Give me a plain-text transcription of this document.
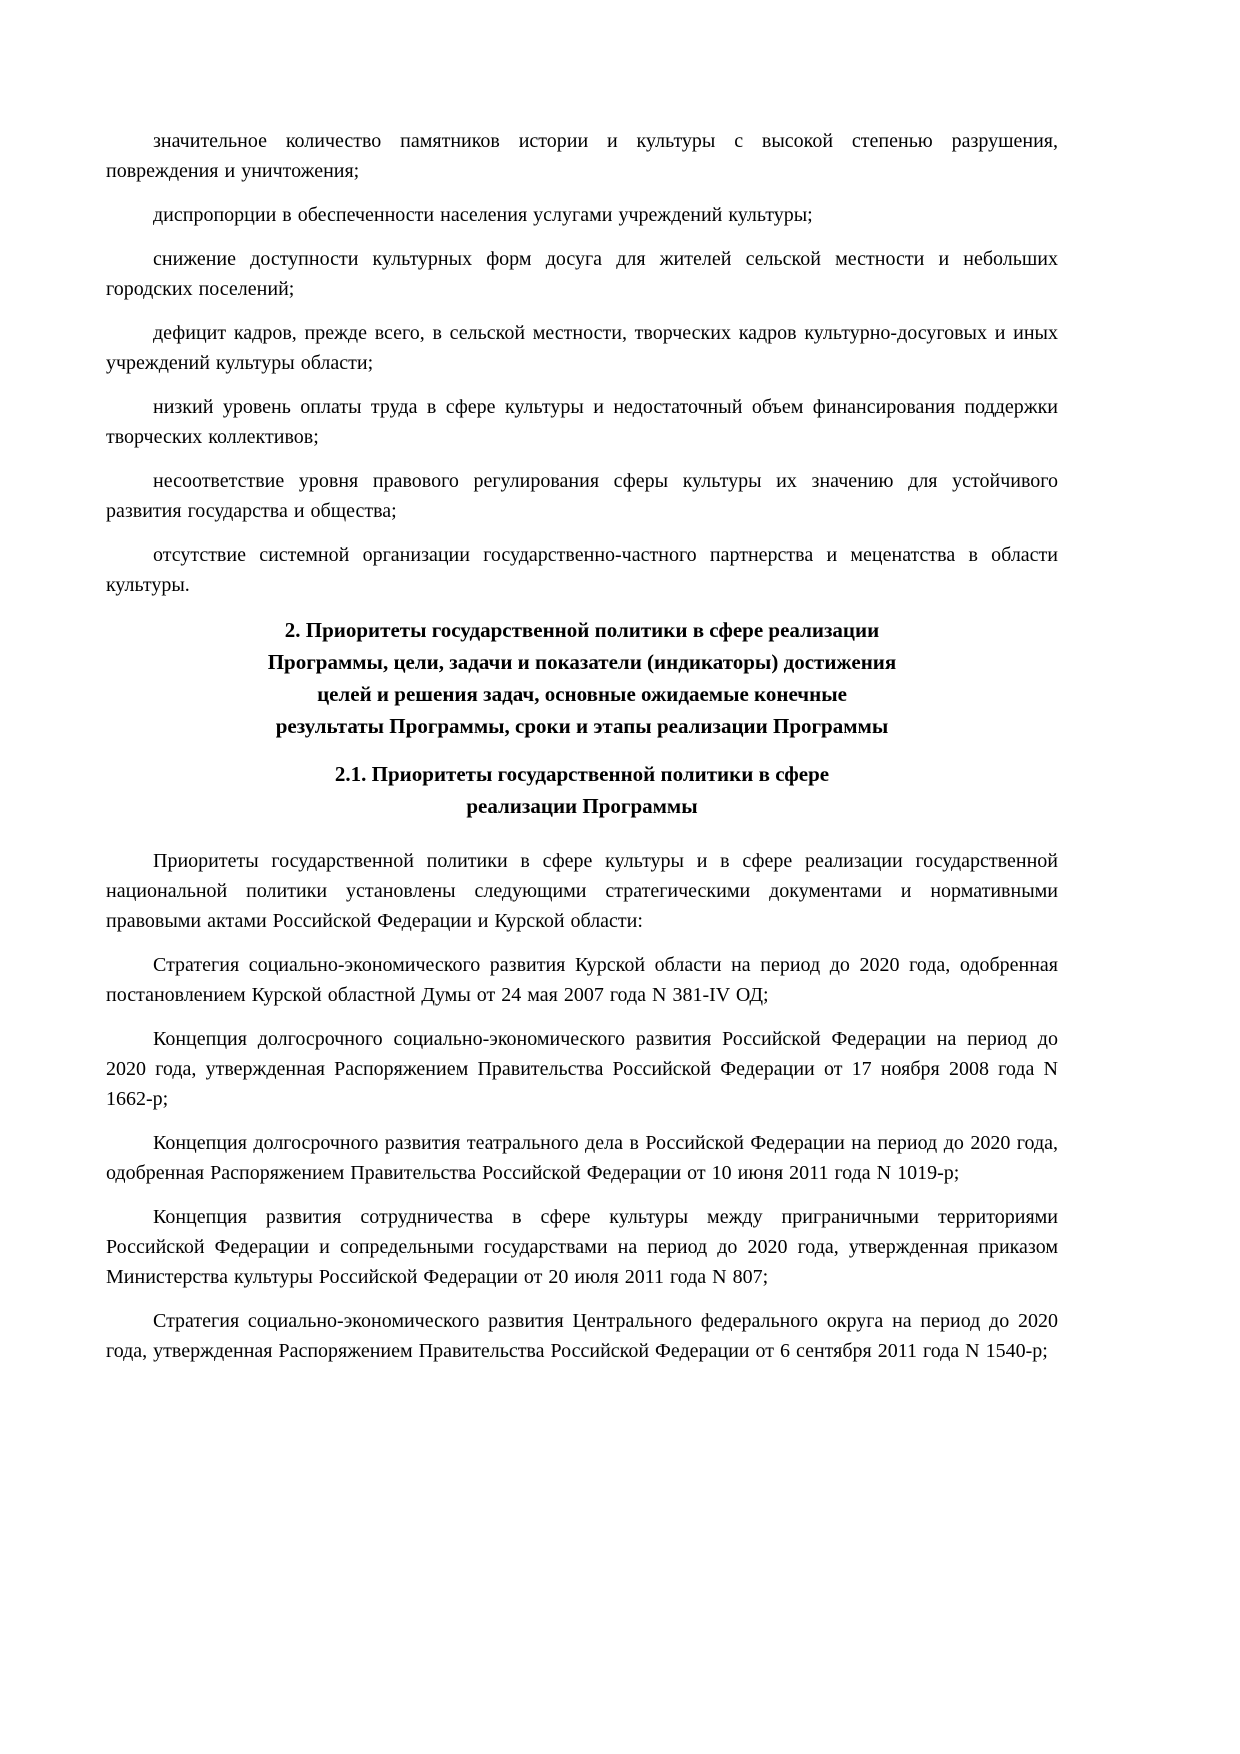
значительное количество памятников истории и культуры с высокой степенью разрушения, повреждения и уничтожения;

диспропорции в обеспеченности населения услугами учреждений культуры;

снижение доступности культурных форм досуга для жителей сельской местности и небольших городских поселений;

дефицит кадров, прежде всего, в сельской местности, творческих кадров культурно-досуговых и иных учреждений культуры области;

низкий уровень оплаты труда в сфере культуры и недостаточный объем финансирования поддержки творческих коллективов;

несоответствие уровня правового регулирования сферы культуры их значению для устойчивого развития государства и общества;

отсутствие системной организации государственно-частного партнерства и меценатства в области культуры.

2. Приоритеты государственной политики в сфере реализации
Программы, цели, задачи и показатели (индикаторы) достижения
целей и решения задач, основные ожидаемые конечные
результаты Программы, сроки и этапы реализации Программы
2.1. Приоритеты государственной политики в сфере
реализации Программы

Приоритеты государственной политики в сфере культуры и в сфере реализации государственной национальной политики установлены следующими стратегическими документами и нормативными правовыми актами Российской Федерации и Курской области:

Стратегия социально-экономического развития Курской области на период до 2020 года, одобренная постановлением Курской областной Думы от 24 мая 2007 года N 381-IV ОД;

Концепция долгосрочного социально-экономического развития Российской Федерации на период до 2020 года, утвержденная Распоряжением Правительства Российской Федерации от 17 ноября 2008 года N 1662-р;

Концепция долгосрочного развития театрального дела в Российской Федерации на период до 2020 года, одобренная Распоряжением Правительства Российской Федерации от 10 июня 2011 года N 1019-р;

Концепция развития сотрудничества в сфере культуры между приграничными территориями Российской Федерации и сопредельными государствами на период до 2020 года, утвержденная приказом Министерства культуры Российской Федерации от 20 июля 2011 года N 807;

Стратегия социально-экономического развития Центрального федерального округа на период до 2020 года, утвержденная Распоряжением Правительства Российской Федерации от 6 сентября 2011 года N 1540-р;
